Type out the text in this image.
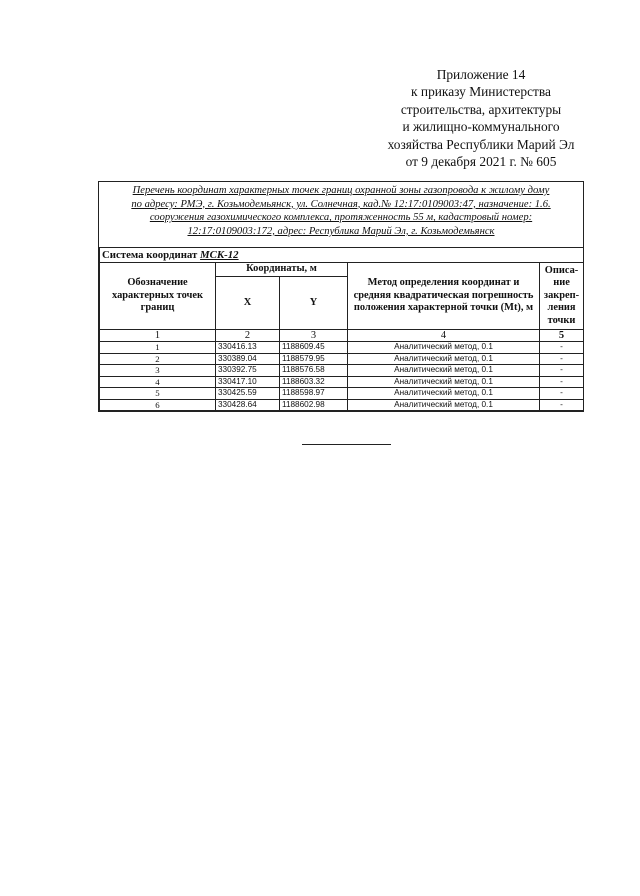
Приложение 14
к приказу Министерства
строительства, архитектуры
и жилищно-коммунального
хозяйства Республики Марий Эл
от 9 декабря 2021 г. № 605
Перечень координат характерных точек границ охранной зоны газопровода к жилому дому
по адресу: РМЭ, г. Козьмодемьянск, ул. Солнечная, кад.№ 12:17:0109003:47, назначение: 1.6.
сооружения газохимического комплекса, протяженность 55 м, кадастровый номер:
12:17:0109003:172, адрес: Республика Марий Эл, г. Козьмодемьянск
Система координат МСК-12				
Обозначение характерных точек границ	Координаты, м		Метод определения координат и средняя квадратическая погрешность положения характерной точки (Mt), м	Описа-ние закреп-ления точки
	X	Y		
1	2	3	4	5
1	330416.13	1188609.45	Аналитический метод, 0.1	-
2	330389.04	1188579.95	Аналитический метод, 0.1	-
3	330392.75	1188576.58	Аналитический метод, 0.1	-
4	330417.10	1188603.32	Аналитический метод, 0.1	-
5	330425.59	1188598.97	Аналитический метод, 0.1	-
6	330428.64	1188602.98	Аналитический метод, 0.1	-
